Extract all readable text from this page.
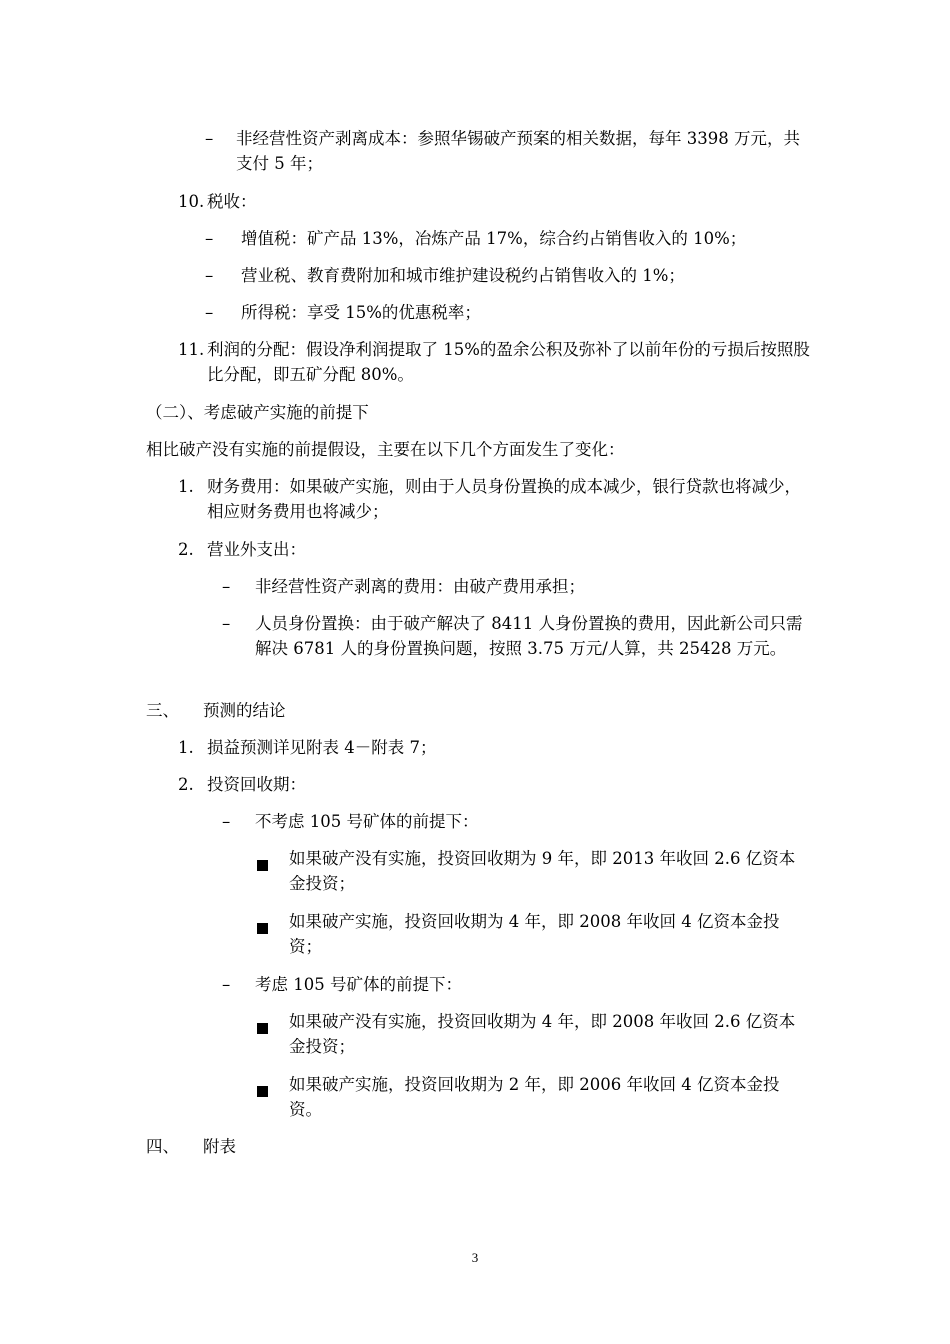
– 非经营性资产剥离成本：参照华锡破产预案的相关数据，每年 3398 万元，共支付 5 年；
10. 税收：
– 增值税：矿产品 13%，冶炼产品 17%，综合约占销售收入的 10%；
– 营业税、教育费附加和城市维护建设税约占销售收入的 1%；
– 所得税：享受 15%的优惠税率；
11. 利润的分配：假设净利润提取了 15%的盈余公积及弥补了以前年份的亏损后按照股比分配，即五矿分配 80%。
（二）、考虑破产实施的前提下
相比破产没有实施的前提假设，主要在以下几个方面发生了变化：
1. 财务费用：如果破产实施，则由于人员身份置换的成本减少，银行贷款也将减少，相应财务费用也将减少；
2. 营业外支出：
– 非经营性资产剥离的费用：由破产费用承担；
– 人员身份置换：由于破产解决了 8411 人身份置换的费用，因此新公司只需解决 6781 人的身份置换问题，按照 3.75 万元/人算，共 25428 万元。
三、 预测的结论
1. 损益预测详见附表 4－附表 7；
2. 投资回收期：
– 不考虑 105 号矿体的前提下：
如果破产没有实施，投资回收期为 9 年，即 2013 年收回 2.6 亿资本金投资；
如果破产实施，投资回收期为 4 年，即 2008 年收回 4 亿资本金投资；
– 考虑 105 号矿体的前提下：
如果破产没有实施，投资回收期为 4 年，即 2008 年收回 2.6 亿资本金投资；
如果破产实施，投资回收期为 2 年，即 2006 年收回 4 亿资本金投资。
四、 附表
3
